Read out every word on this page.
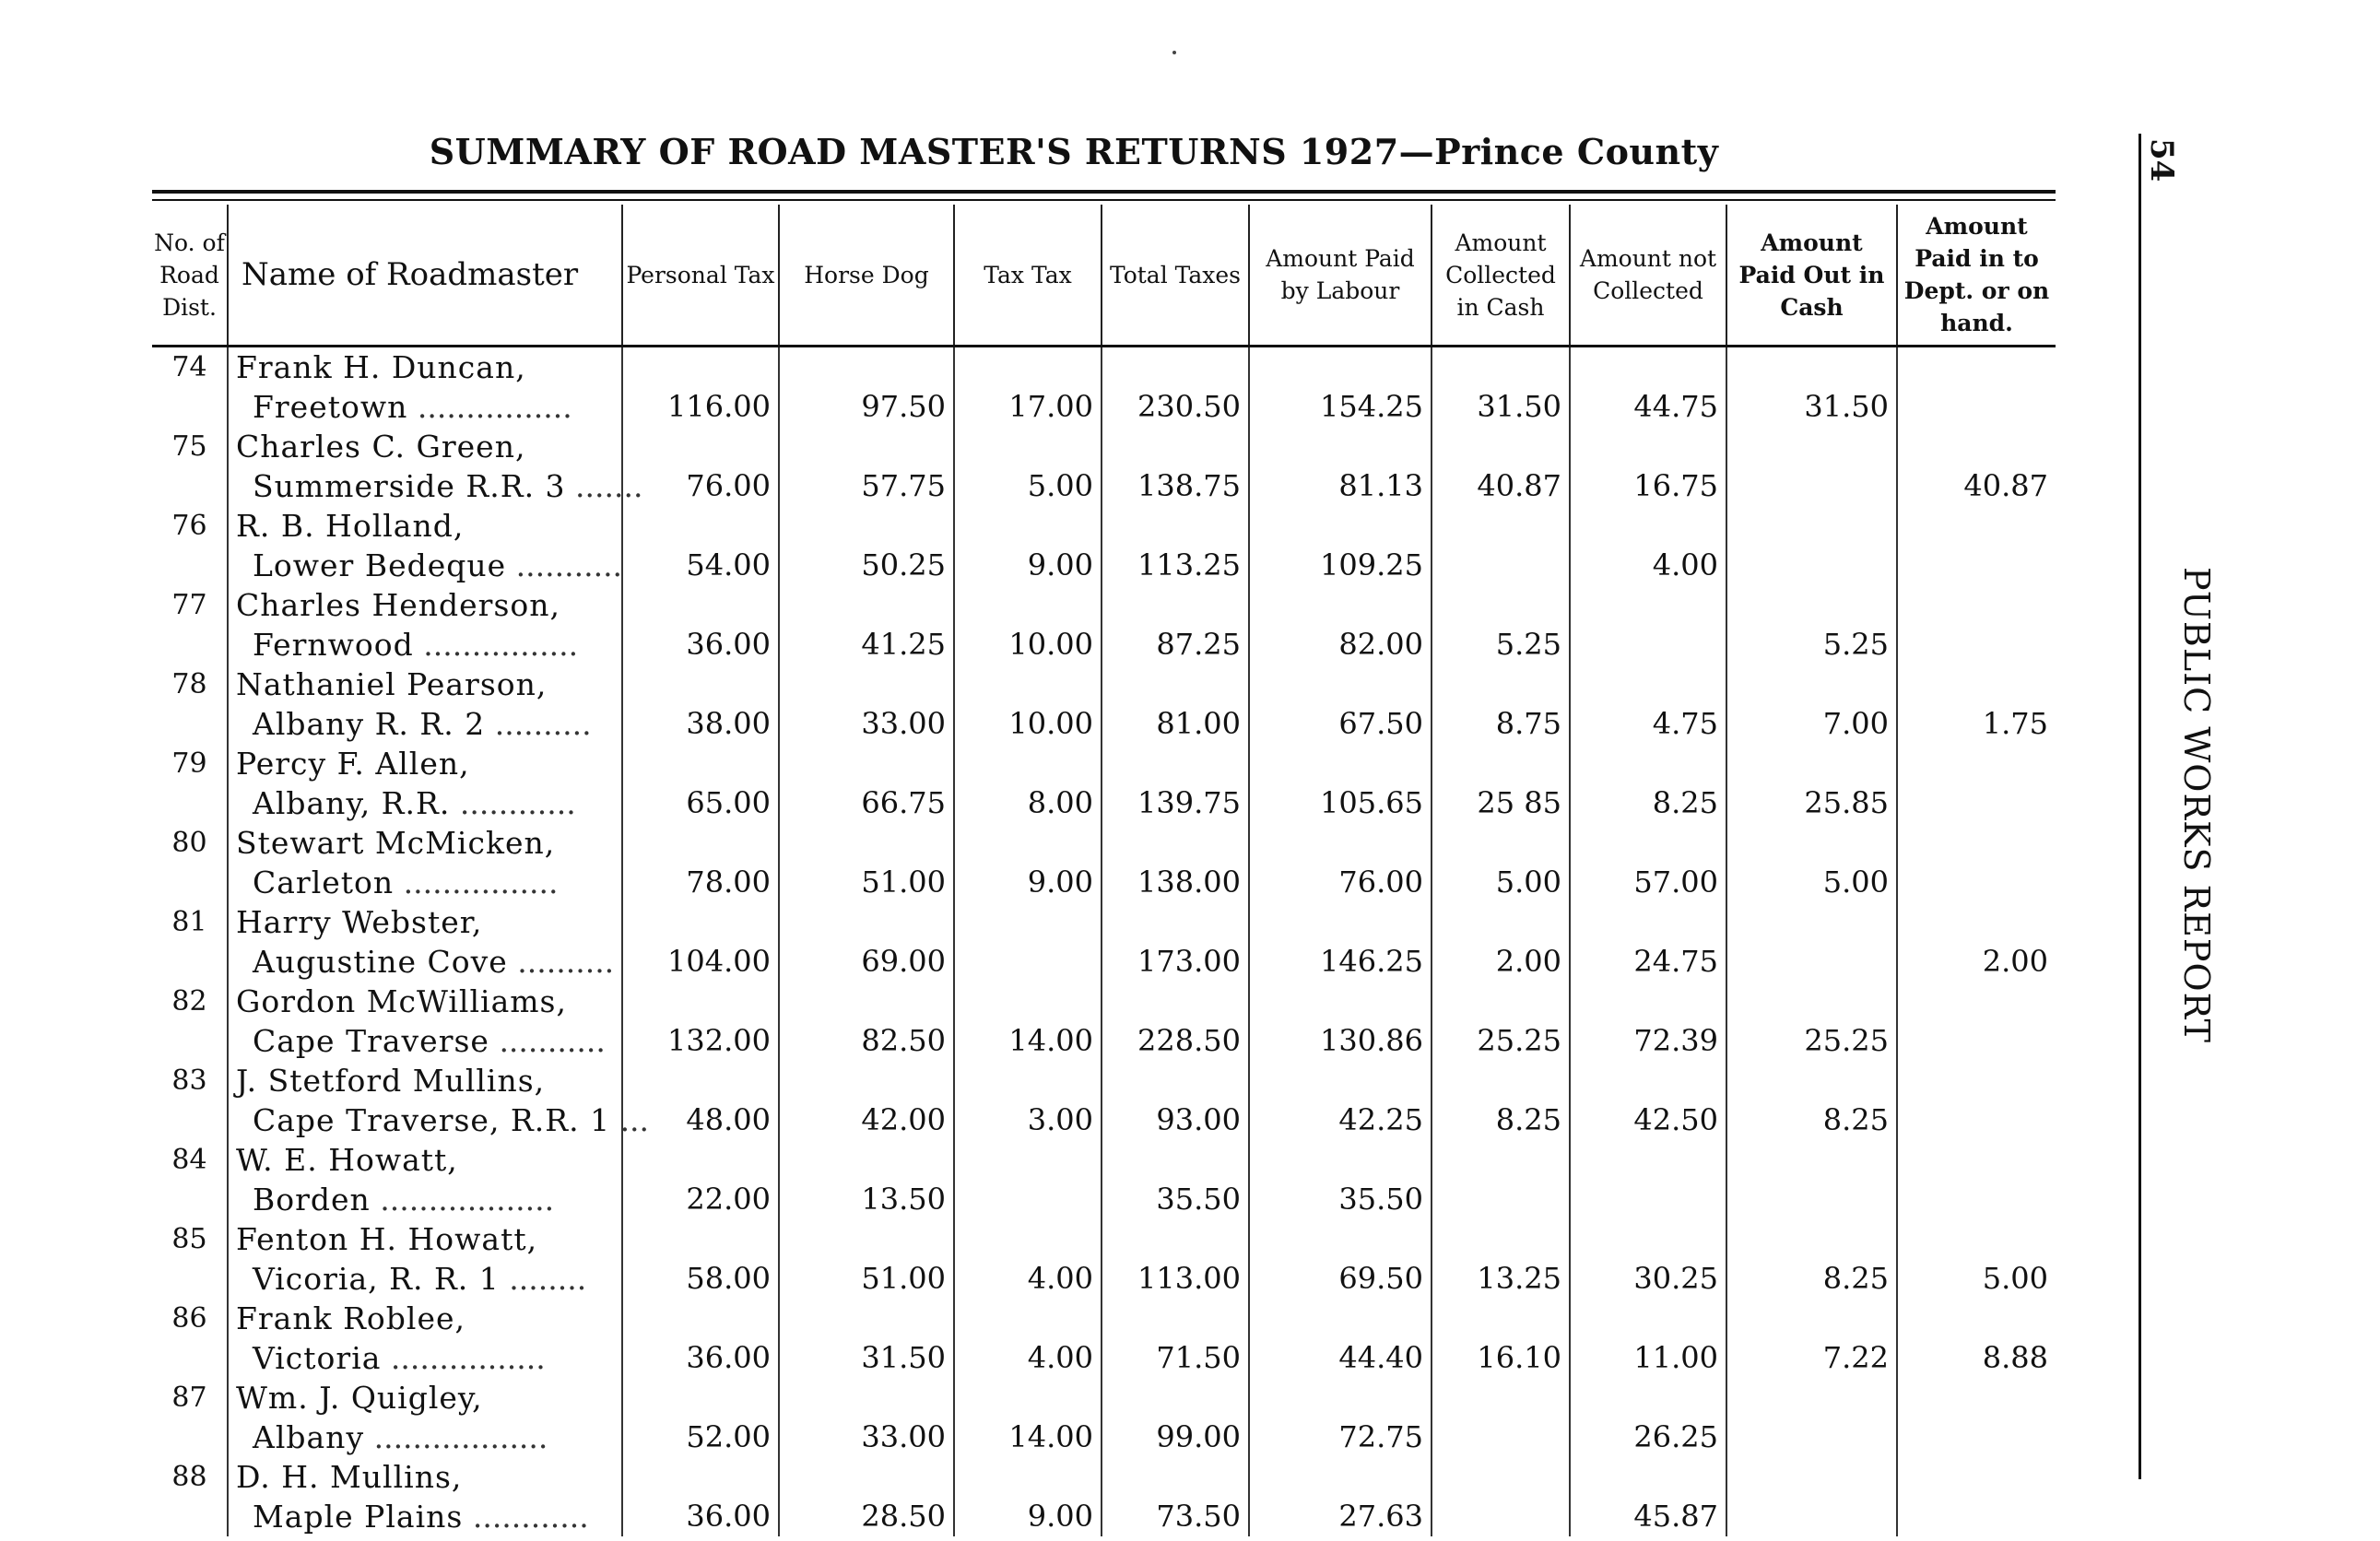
SUMMARY OF ROAD MASTER'S RETURNS 1927—Prince County	54
PUBLIC WORKS REPORT
No. of Road Dist.	Name of Roadmaster	Personal Tax	Horse Dog	Tax Tax	Total Taxes	Amount Paid by Labour	Amount Collected in Cash	Amount not Collected	Amount Paid Out in Cash	Amount Paid in to Dept. or on hand.
74	Frank H. Duncan,									
	Freetown ................	116.00	97.50	17.00	230.50	154.25	31.50	44.75	31.50	
75	Charles C. Green,									
	Summerside R.R. 3 .......	76.00	57.75	5.00	138.75	81.13	40.87	16.75		40.87
76	R. B. Holland,									
	Lower Bedeque ...........	54.00	50.25	9.00	113.25	109.25		4.00		
77	Charles Henderson,									
	Fernwood ................	36.00	41.25	10.00	87.25	82.00	5.25		5.25	
78	Nathaniel Pearson,									
	Albany R. R. 2 ..........	38.00	33.00	10.00	81.00	67.50	8.75	4.75	7.00	1.75
79	Percy F. Allen,									
	Albany, R.R. ............	65.00	66.75	8.00	139.75	105.65	25 85	8.25	25.85	
80	Stewart McMicken,									
	Carleton ................	78.00	51.00	9.00	138.00	76.00	5.00	57.00	5.00	
81	Harry Webster,									
	Augustine Cove ..........	104.00	69.00		173.00	146.25	2.00	24.75		2.00
82	Gordon McWilliams,									
	Cape Traverse ...........	132.00	82.50	14.00	228.50	130.86	25.25	72.39	25.25	
83	J. Stetford Mullins,									
	Cape Traverse, R.R. 1 ...	48.00	42.00	3.00	93.00	42.25	8.25	42.50	8.25	
84	W. E. Howatt,									
	Borden ..................	22.00	13.50		35.50	35.50				
85	Fenton H. Howatt,									
	Vicoria, R. R. 1 ........	58.00	51.00	4.00	113.00	69.50	13.25	30.25	8.25	5.00
86	Frank Roblee,									
	Victoria ................	36.00	31.50	4.00	71.50	44.40	16.10	11.00	7.22	8.88
87	Wm. J. Quigley,									
	Albany ..................	52.00	33.00	14.00	99.00	72.75		26.25		
88	D. H. Mullins,									
	Maple Plains ............	36.00	28.50	9.00	73.50	27.63		45.87		
